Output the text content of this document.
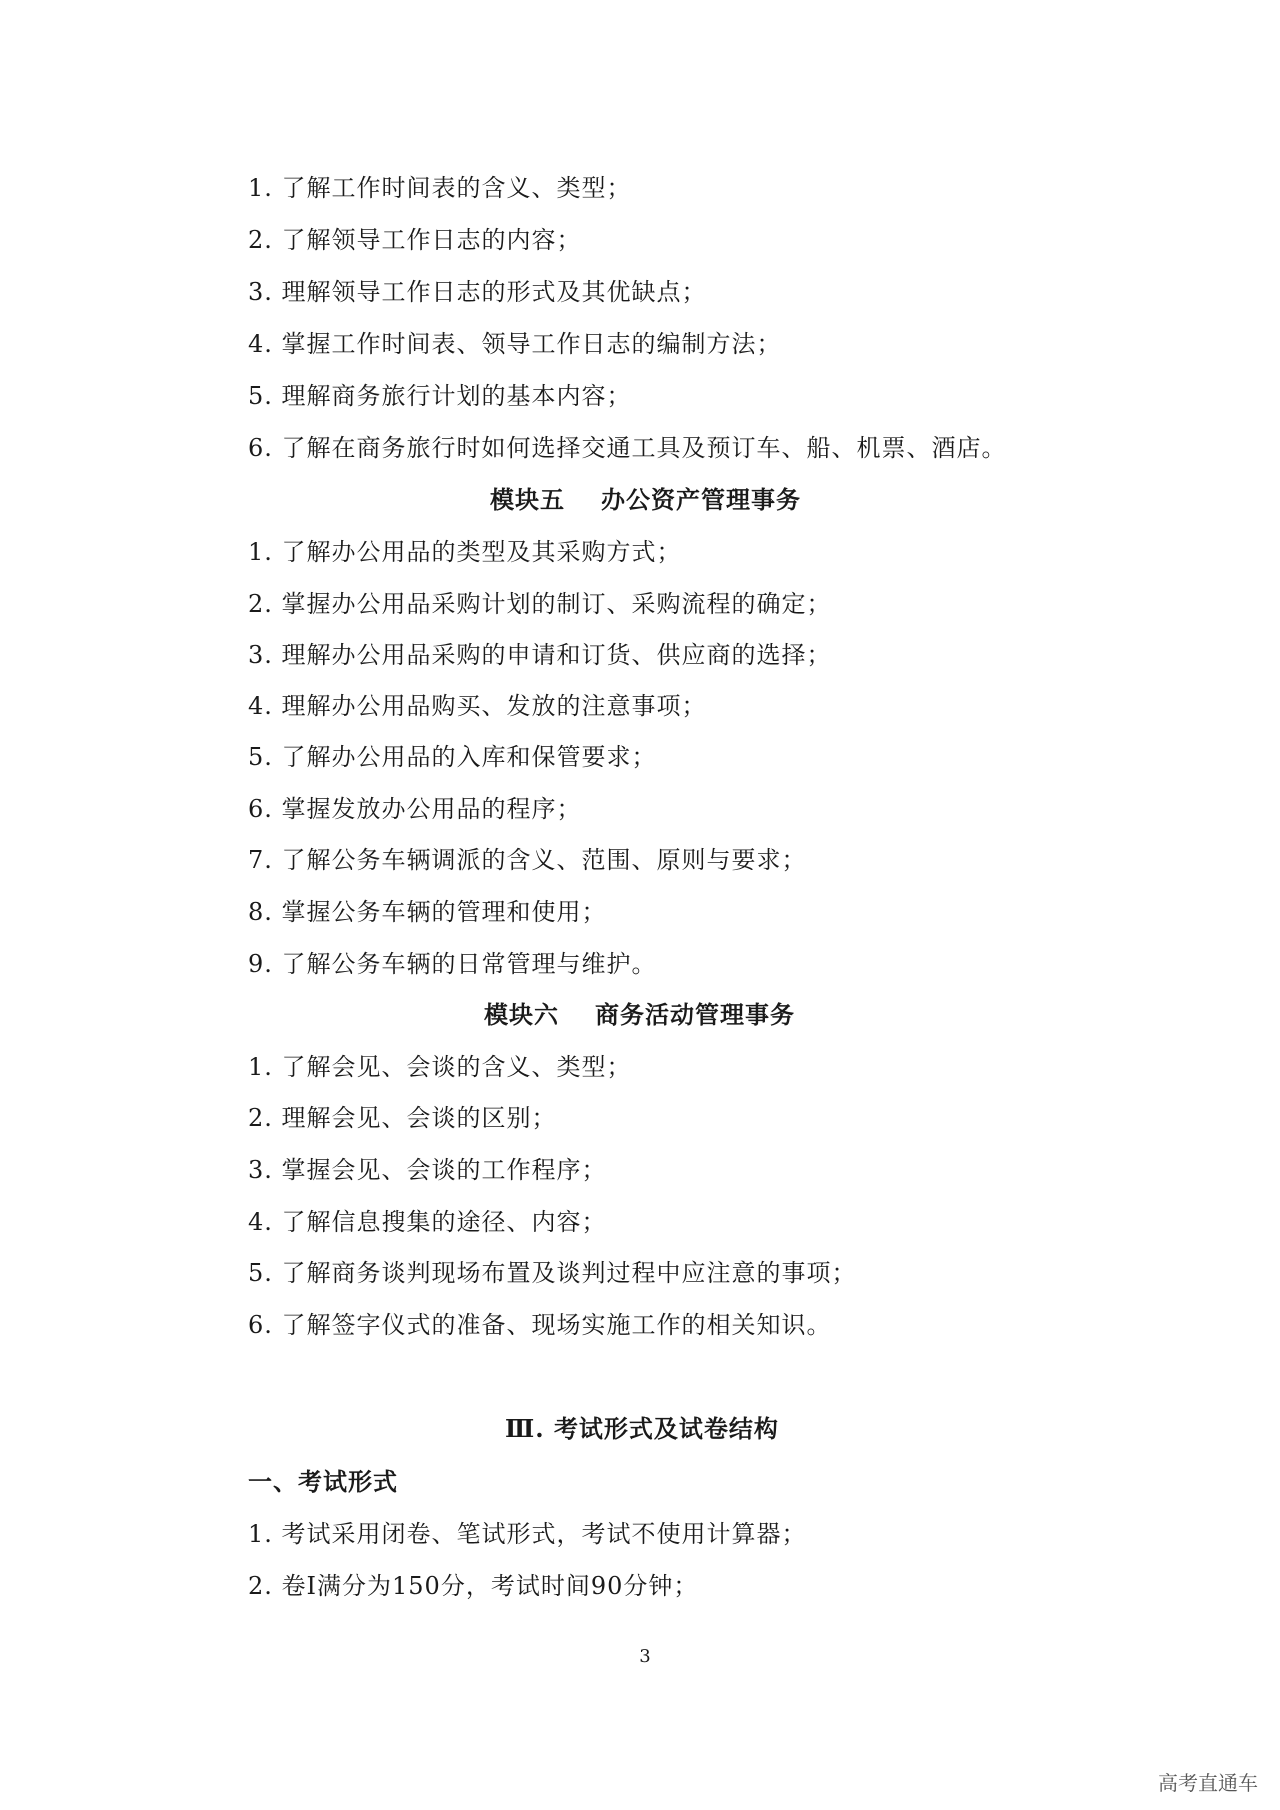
1. 了解工作时间表的含义、类型；
2. 了解领导工作日志的内容；
3. 理解领导工作日志的形式及其优缺点；
4. 掌握工作时间表、领导工作日志的编制方法；
5. 理解商务旅行计划的基本内容；
6. 了解在商务旅行时如何选择交通工具及预订车、船、机票、酒店。
模块五 办公资产管理事务
1. 了解办公用品的类型及其采购方式；
2. 掌握办公用品采购计划的制订、采购流程的确定；
3. 理解办公用品采购的申请和订货、供应商的选择；
4. 理解办公用品购买、发放的注意事项；
5. 了解办公用品的入库和保管要求；
6. 掌握发放办公用品的程序；
7. 了解公务车辆调派的含义、范围、原则与要求；
8. 掌握公务车辆的管理和使用；
9. 了解公务车辆的日常管理与维护。
模块六 商务活动管理事务
1. 了解会见、会谈的含义、类型；
2. 理解会见、会谈的区别；
3. 掌握会见、会谈的工作程序；
4. 了解信息搜集的途径、内容；
5. 了解商务谈判现场布置及谈判过程中应注意的事项；
6. 了解签字仪式的准备、现场实施工作的相关知识。
Ⅲ. 考试形式及试卷结构
一、考试形式
1. 考试采用闭卷、笔试形式，考试不使用计算器；
2. 卷Ⅰ满分为150分，考试时间90分钟；
3
高考直通车
